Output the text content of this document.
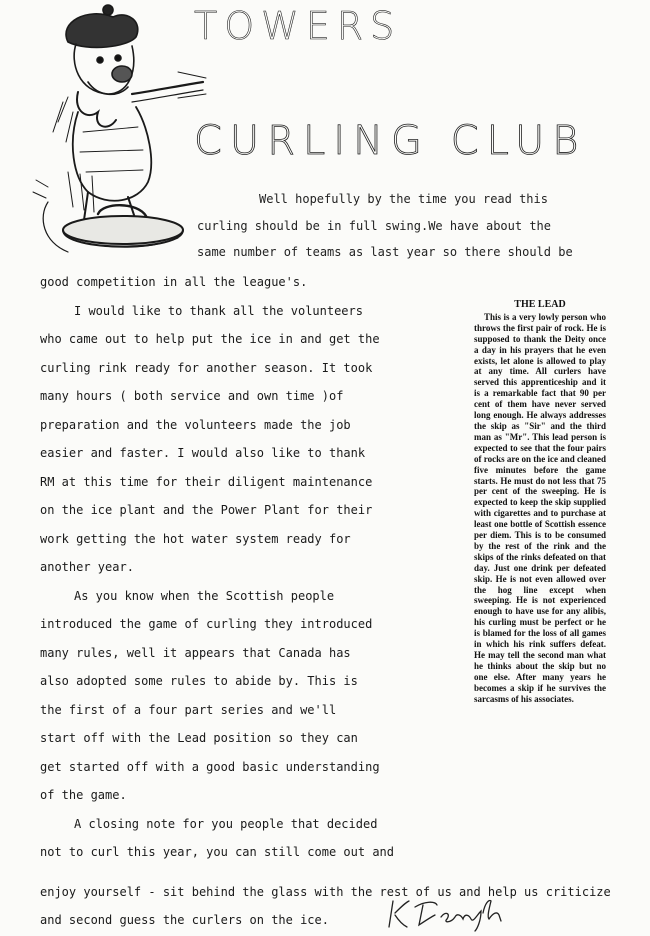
TOWERS
CURLING CLUB
Well hopefully by the time you read this
curling should be in full swing.We have about the
same number of teams as last year so there should be
good competition in all the league's.
I would like to thank all the volunteers
who came out to help put the ice in and get the
curling rink ready for another season. It took
many hours ( both service and own time )of
preparation and the volunteers made the job
easier and faster. I would also like to thank
RM at this time for their diligent maintenance
on the ice plant and the Power Plant for their
work getting the hot water system ready for
another year.
As you know when the Scottish people
introduced the game of curling they introduced
many rules, well it appears that Canada has
also adopted some rules to abide by. This is
the first of a four part series and we'll
start off with the Lead position so they can
get started off with a good basic understanding
of the game.
A closing note for you people that decided
not to curl this year, you can still come out and
THE LEAD

This is a very lowly person who throws the first pair of rock. He is supposed to thank the Deity once a day in his prayers that he even exists, let alone is allowed to play at any time. All curlers have served this apprenticeship and it is a remarkable fact that 90 per cent of them have never served long enough. He always addresses the skip as "Sir" and the third man as "Mr". This lead person is expected to see that the four pairs of rocks are on the ice and cleaned five minutes before the game starts. He must do not less that 75 per cent of the sweeping. He is expected to keep the skip supplied with cigarettes and to purchase at least one bottle of Scottish essence per diem. This is to be consumed by the rest of the rink and the skips of the rinks defeated on that day. Just one drink per defeated skip. He is not even allowed over the hog line except when sweeping. He is not experienced enough to have use for any alibis, his curling must be perfect or he is blamed for the loss of all games in which his rink suffers defeat. He may tell the second man what he thinks about the skip but no one else. After many years he becomes a skip if he survives the sarcasms of his associates.

enjoy yourself - sit behind the glass with the rest of us and help us criticize
and second guess the curlers on the ice.
